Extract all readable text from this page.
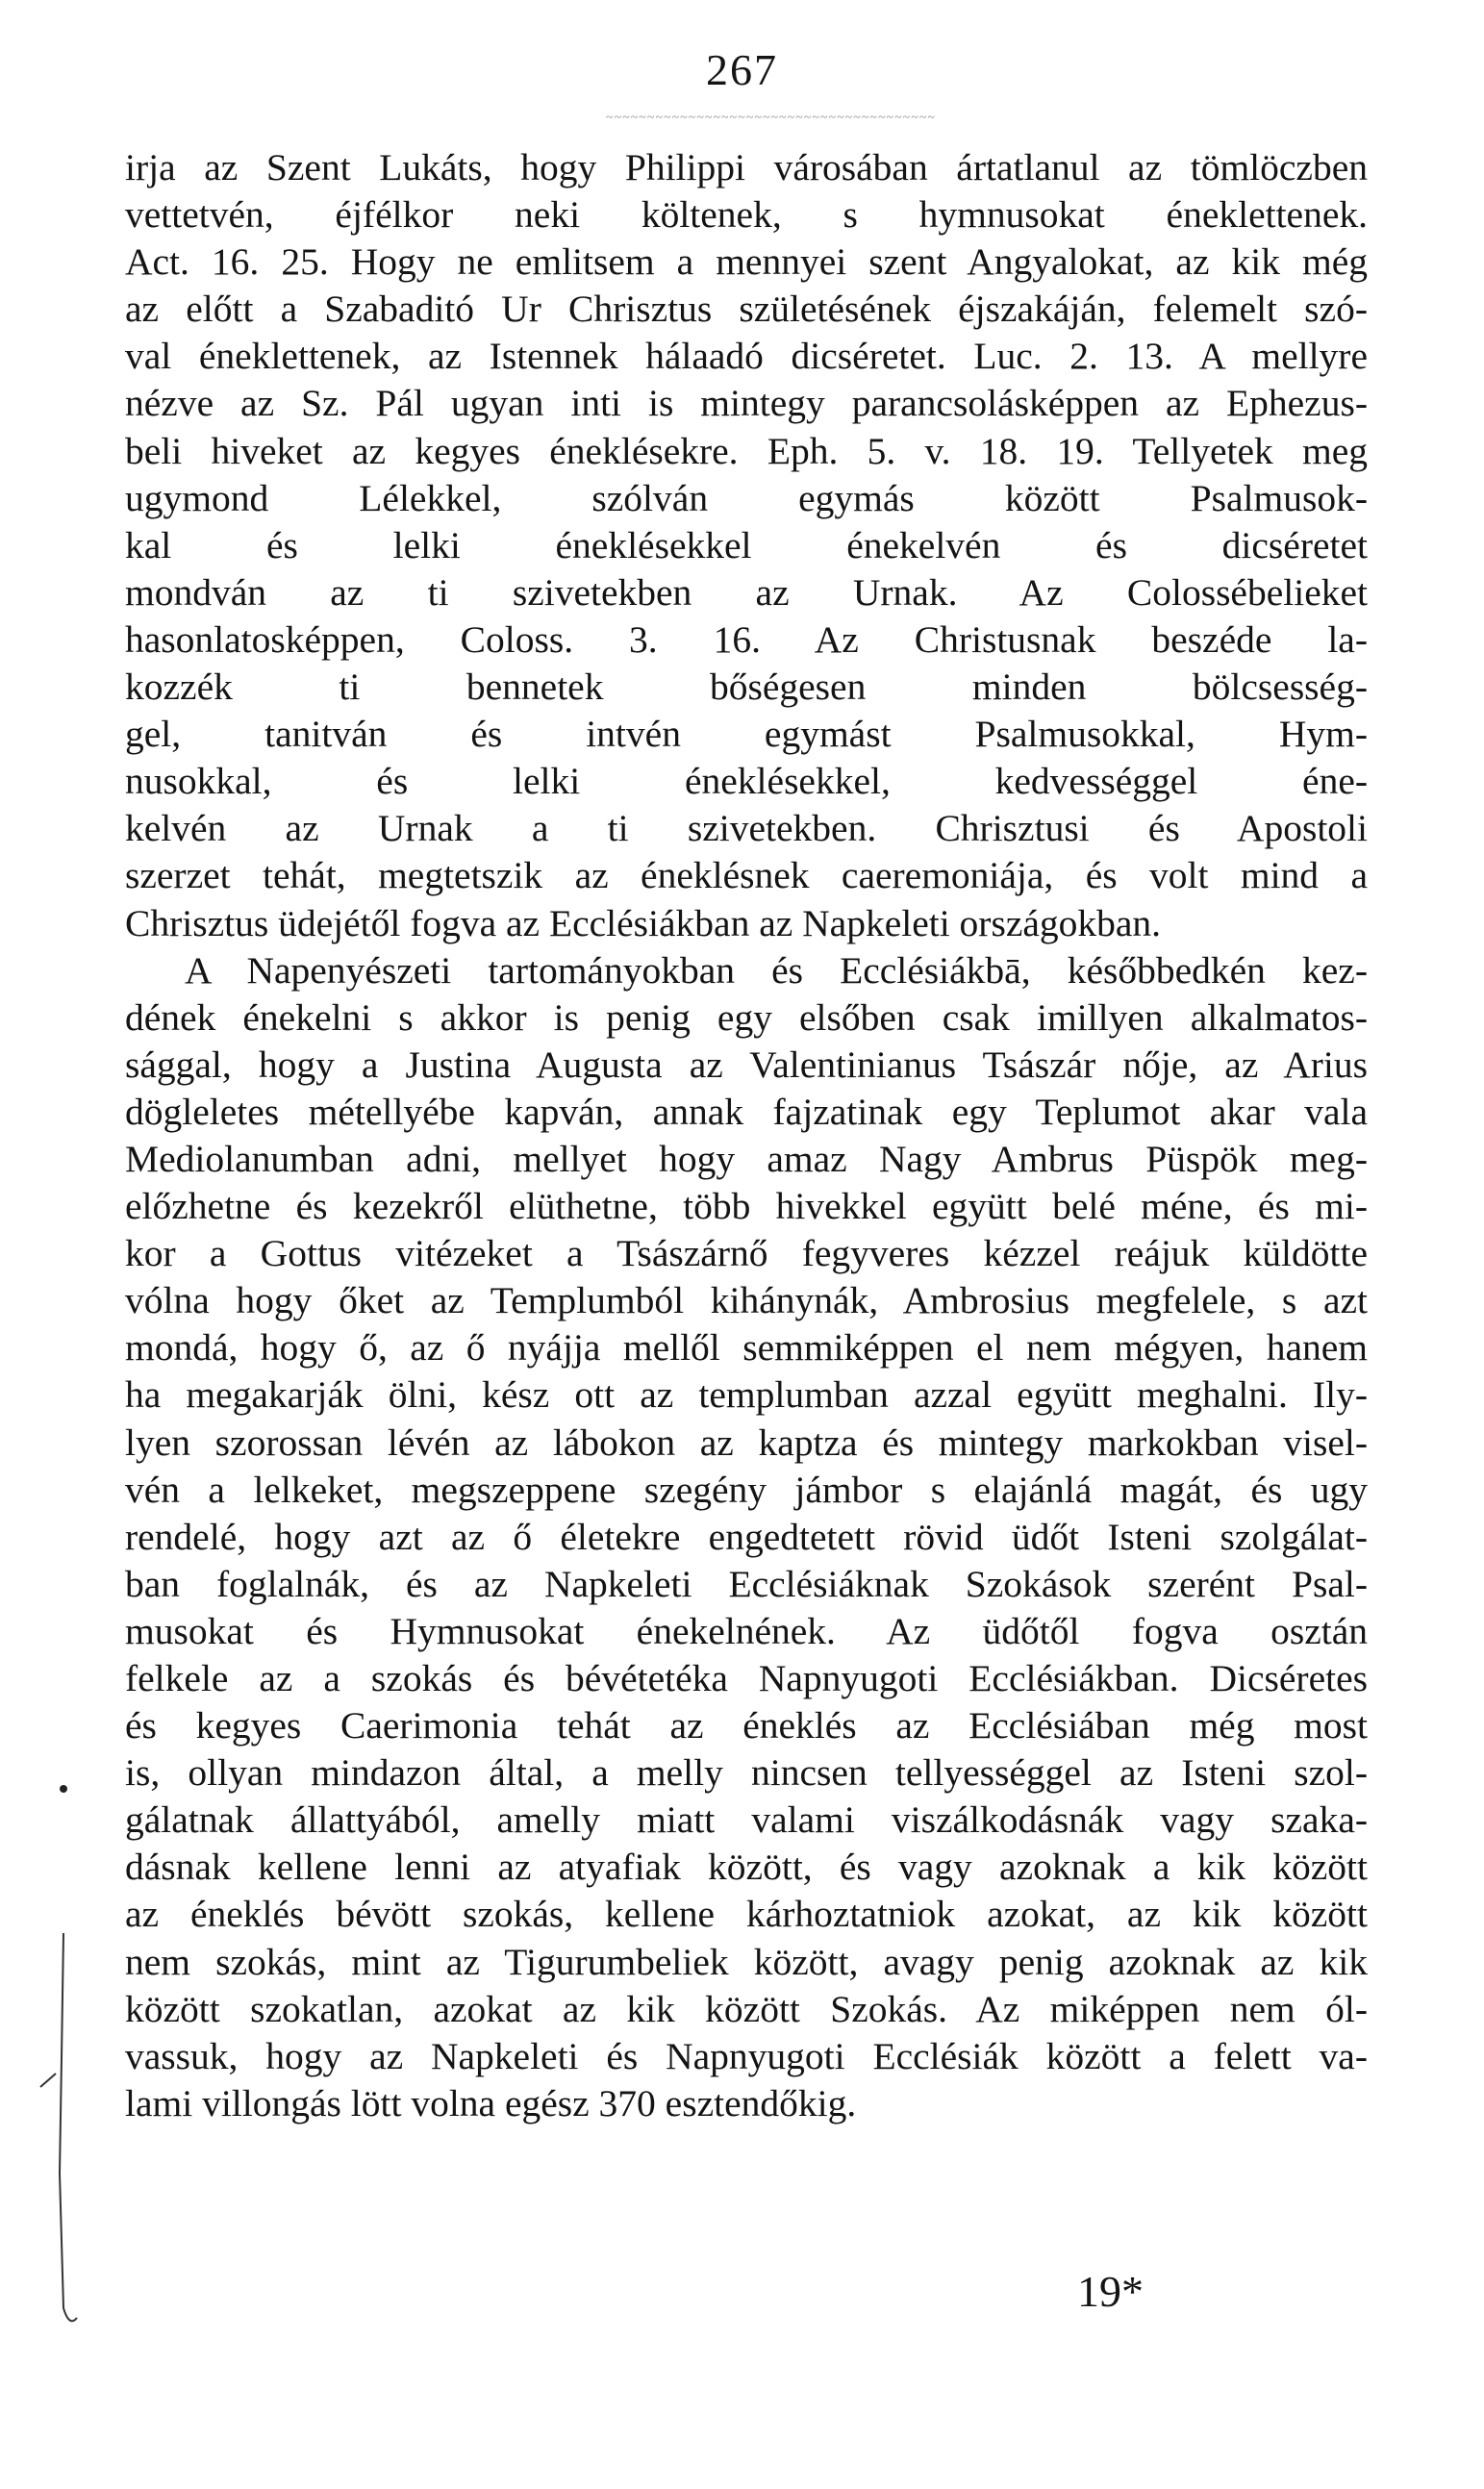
267
~~~~~~~~~~~~~~~~~~~~~~~~~~~~~~~~~~~~~~~~

irja az Szent Lukáts, hogy Philippi városában ártatlanul az tömlöczben
vettetvén, éjfélkor neki költenek, s hymnusokat éneklettenek.
Act. 16. 25. Hogy ne emlitsem a mennyei szent Angyalokat, az kik még
az előtt a Szabaditó Ur Chrisztus születésének éjszakáján, felemelt szó-
val éneklettenek, az Istennek hálaadó dicséretet. Luc. 2. 13. A mellyre
nézve az Sz. Pál ugyan inti is mintegy parancsolásképpen az Ephezus-
beli hiveket az kegyes éneklésekre. Eph. 5. v. 18. 19. Tellyetek meg
ugymond Lélekkel, szólván egymás között Psalmusok-
kal és lelki éneklésekkel énekelvén és dicséretet
mondván az ti szivetekben az Urnak. Az Colossébelieket
hasonlatosképpen, Coloss. 3. 16. Az Christusnak beszéde la-
kozzék ti bennetek bőségesen minden bölcsesség-
gel, tanitván és intvén egymást Psalmusokkal, Hym-
nusokkal, és lelki éneklésekkel, kedvességgel éne-
kelvén az Urnak a ti szivetekben. Chrisztusi és Apostoli
szerzet tehát, megtetszik az éneklésnek caeremoniája, és volt mind a
Chrisztus üdejétől fogva az Ecclésiákban az Napkeleti országokban.

A Napenyészeti tartományokban és Ecclésiákbā, későbbedkén kez-
dének énekelni s akkor is penig egy elsőben csak imillyen alkalmatos-
sággal, hogy a Justina Augusta az Valentinianus Tsászár nője, az Arius
dögleletes métellyébe kapván, annak fajzatinak egy Teplumot akar vala
Mediolanumban adni, mellyet hogy amaz Nagy Ambrus Püspök meg-
előzhetne és kezekről elüthetne, több hivekkel együtt belé méne, és mi-
kor a Gottus vitézeket a Tsászárnő fegyveres kézzel reájuk küldötte
vólna hogy őket az Templumból kihánynák, Ambrosius megfelele, s azt
mondá, hogy ő, az ő nyájja mellől semmiképpen el nem mégyen, hanem
ha megakarják ölni, kész ott az templumban azzal együtt meghalni. Ily-
lyen szorossan lévén az lábokon az kaptza és mintegy markokban visel-
vén a lelkeket, megszeppene szegény jámbor s elajánlá magát, és ugy
rendelé, hogy azt az ő életekre engedtetett rövid üdőt Isteni szolgálat-
ban foglalnák, és az Napkeleti Ecclésiáknak Szokások szerént Psal-
musokat és Hymnusokat énekelnének. Az üdőtől fogva osztán
felkele az a szokás és bévétetéka Napnyugoti Ecclésiákban. Dicséretes
és kegyes Caerimonia tehát az éneklés az Ecclésiában még most
is, ollyan mindazon által, a melly nincsen tellyességgel az Isteni szol-
gálatnak állattyából, amelly miatt valami viszálkodásnák vagy szaka-
dásnak kellene lenni az atyafiak között, és vagy azoknak a kik között
az éneklés bévött szokás, kellene kárhoztatniok azokat, az kik között
nem szokás, mint az Tigurumbeliek között, avagy penig azoknak az kik
között szokatlan, azokat az kik között Szokás. Az miképpen nem ól-
vassuk, hogy az Napkeleti és Napnyugoti Ecclésiák között a felett va-
lami villongás lött volna egész 370 esztendőkig.

19*
